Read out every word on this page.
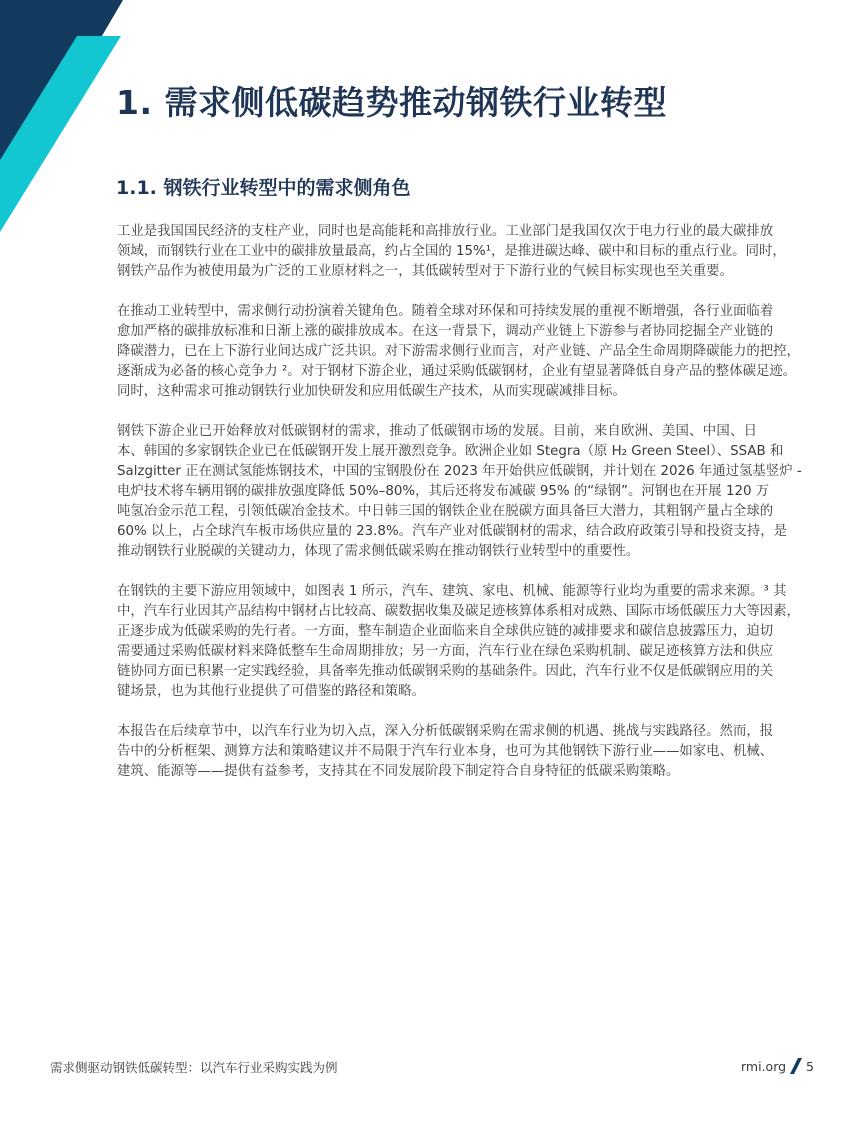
1. 需求侧低碳趋势推动钢铁行业转型
1.1. 钢铁行业转型中的需求侧角色

工业是我国国民经济的支柱产业，同时也是高能耗和高排放行业。工业部门是我国仅次于电力行业的最大碳排放
领域，而钢铁行业在工业中的碳排放量最高，约占全国的 15%¹，是推进碳达峰、碳中和目标的重点行业。同时，
钢铁产品作为被使用最为广泛的工业原材料之一，其低碳转型对于下游行业的气候目标实现也至关重要。

在推动工业转型中，需求侧行动扮演着关键角色。随着全球对环保和可持续发展的重视不断增强，各行业面临着
愈加严格的碳排放标准和日渐上涨的碳排放成本。在这一背景下，调动产业链上下游参与者协同挖掘全产业链的
降碳潜力，已在上下游行业间达成广泛共识。对下游需求侧行业而言，对产业链、产品全生命周期降碳能力的把控，
逐渐成为必备的核心竞争力 ²。对于钢材下游企业，通过采购低碳钢材，企业有望显著降低自身产品的整体碳足迹。
同时，这种需求可推动钢铁行业加快研发和应用低碳生产技术，从而实现碳减排目标。

钢铁下游企业已开始释放对低碳钢材的需求，推动了低碳钢市场的发展。目前，来自欧洲、美国、中国、日
本、韩国的多家钢铁企业已在低碳钢开发上展开激烈竞争。欧洲企业如 Stegra（原 H₂ Green Steel）、SSAB 和
Salzgitter 正在测试氢能炼钢技术，中国的宝钢股份在 2023 年开始供应低碳钢，并计划在 2026 年通过氢基竖炉 -
电炉技术将车辆用钢的碳排放强度降低 50%–80%，其后还将发布减碳 95% 的“绿钢”。河钢也在开展 120 万
吨氢冶金示范工程，引领低碳冶金技术。中日韩三国的钢铁企业在脱碳方面具备巨大潜力，其粗钢产量占全球的
60% 以上，占全球汽车板市场供应量的 23.8%。汽车产业对低碳钢材的需求，结合政府政策引导和投资支持，是
推动钢铁行业脱碳的关键动力，体现了需求侧低碳采购在推动钢铁行业转型中的重要性。

在钢铁的主要下游应用领域中，如图表 1 所示，汽车、建筑、家电、机械、能源等行业均为重要的需求来源。³ 其
中，汽车行业因其产品结构中钢材占比较高、碳数据收集及碳足迹核算体系相对成熟、国际市场低碳压力大等因素，
正逐步成为低碳采购的先行者。一方面，整车制造企业面临来自全球供应链的减排要求和碳信息披露压力，迫切
需要通过采购低碳材料来降低整车生命周期排放；另一方面，汽车行业在绿色采购机制、碳足迹核算方法和供应
链协同方面已积累一定实践经验，具备率先推动低碳钢采购的基础条件。因此，汽车行业不仅是低碳钢应用的关
键场景，也为其他行业提供了可借鉴的路径和策略。

本报告在后续章节中，以汽车行业为切入点，深入分析低碳钢采购在需求侧的机遇、挑战与实践路径。然而，报
告中的分析框架、测算方法和策略建议并不局限于汽车行业本身，也可为其他钢铁下游行业——如家电、机械、
建筑、能源等——提供有益参考，支持其在不同发展阶段下制定符合自身特征的低碳采购策略。

需求侧驱动钢铁低碳转型：以汽车行业采购实践为例	rmi.org 5
